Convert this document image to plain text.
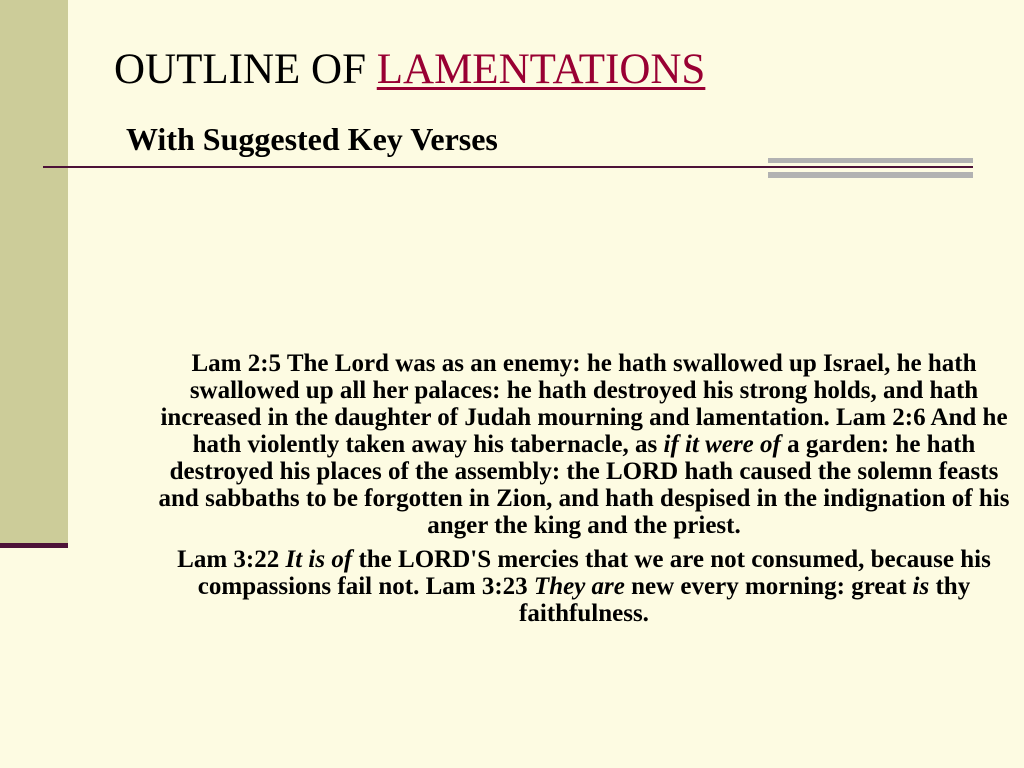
OUTLINE OF LAMENTATIONS
With Suggested Key Verses

Lam 2:5 The Lord was as an enemy: he hath swallowed up Israel, he hath swallowed up all her palaces: he hath destroyed his strong holds, and hath increased in the daughter of Judah mourning and lamentation. Lam 2:6 And he hath violently taken away his tabernacle, as if it were of a garden: he hath destroyed his places of the assembly: the LORD hath caused the solemn feasts and sabbaths to be forgotten in Zion, and hath despised in the indignation of his anger the king and the priest.

Lam 3:22 It is of the LORD'S mercies that we are not consumed, because his compassions fail not. Lam 3:23 They are new every morning: great is thy faithfulness.
